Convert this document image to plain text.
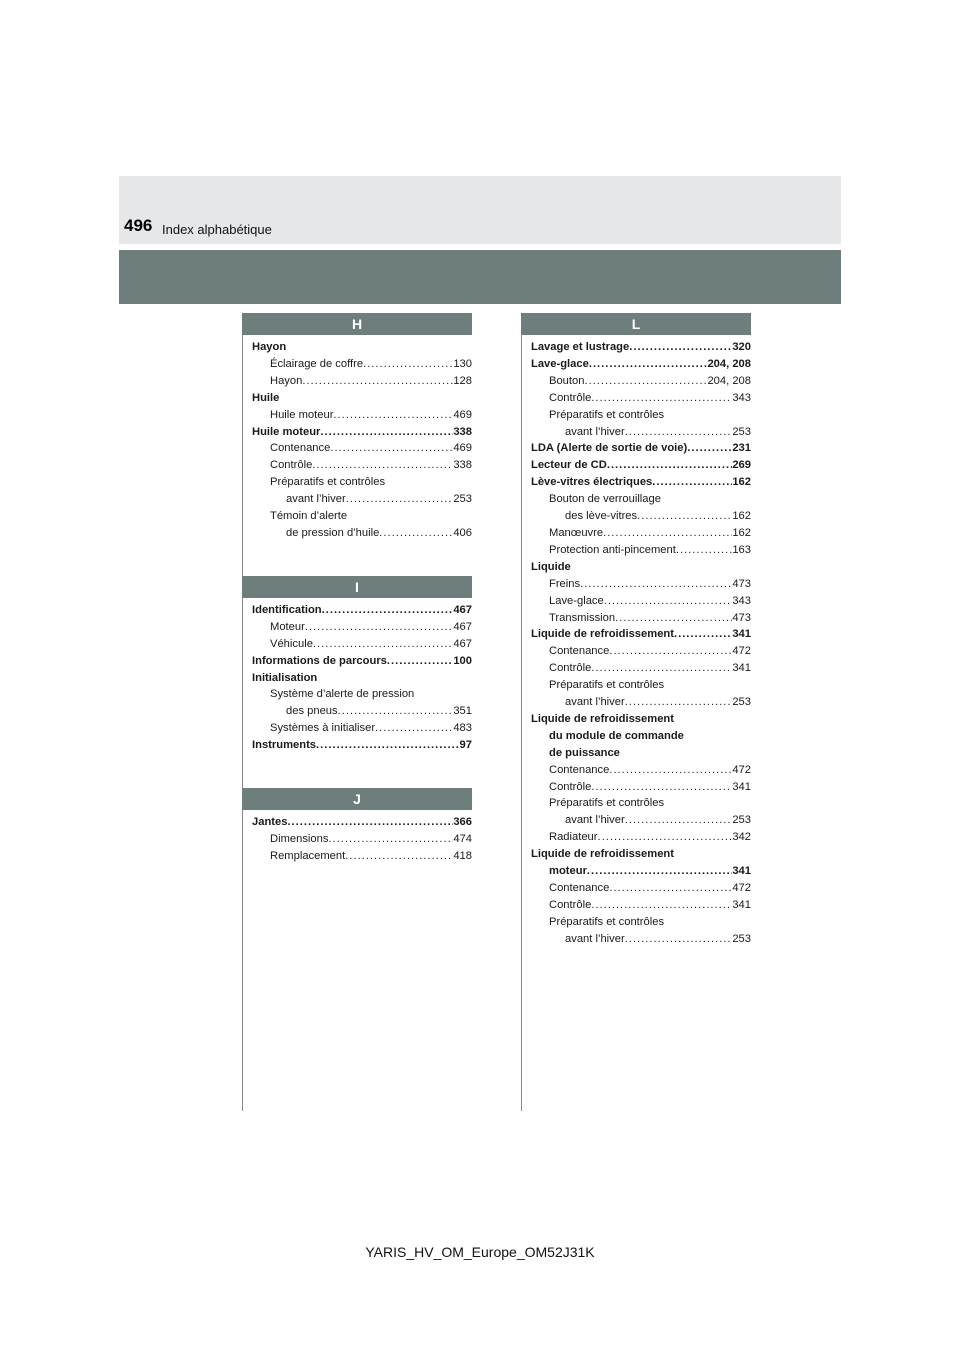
496 Index alphabétique
H
Hayon
Éclairage de coffre .....	130
Hayon .....	128
Huile
Huile moteur .....	469
Huile moteur .....	338
Contenance .....	469
Contrôle .....	338
Préparatifs et contrôles
avant l’hiver .....	253
Témoin d’alerte
de pression d’huile .....	406
I
Identification .....	467
Moteur .....	467
Véhicule .....	467
Informations de parcours .....	100
Initialisation
Système d’alerte de pression
des pneus .....	351
Systèmes à initialiser .....	483
Instruments .....	97
J
Jantes .....	366
Dimensions .....	474
Remplacement .....	418
L
Lavage et lustrage .....	320
Lave-glace .....	204, 208
Bouton .....	204, 208
Contrôle .....	343
Préparatifs et contrôles
avant l’hiver .....	253
LDA (Alerte de sortie de voie) .....	231
Lecteur de CD .....	269
Lève-vitres électriques .....	162
Bouton de verrouillage
des lève-vitres .....	162
Manœuvre .....	162
Protection anti-pincement .....	163
Liquide
Freins .....	473
Lave-glace .....	343
Transmission .....	473
Liquide de refroidissement .....	341
Contenance .....	472
Contrôle .....	341
Préparatifs et contrôles
avant l’hiver .....	253
Liquide de refroidissement
du module de commande
de puissance
Contenance .....	472
Contrôle .....	341
Préparatifs et contrôles
avant l’hiver .....	253
Radiateur .....	342
Liquide de refroidissement
moteur .....	341
Contenance .....	472
Contrôle .....	341
Préparatifs et contrôles
avant l’hiver .....	253
YARIS_HV_OM_Europe_OM52J31K
